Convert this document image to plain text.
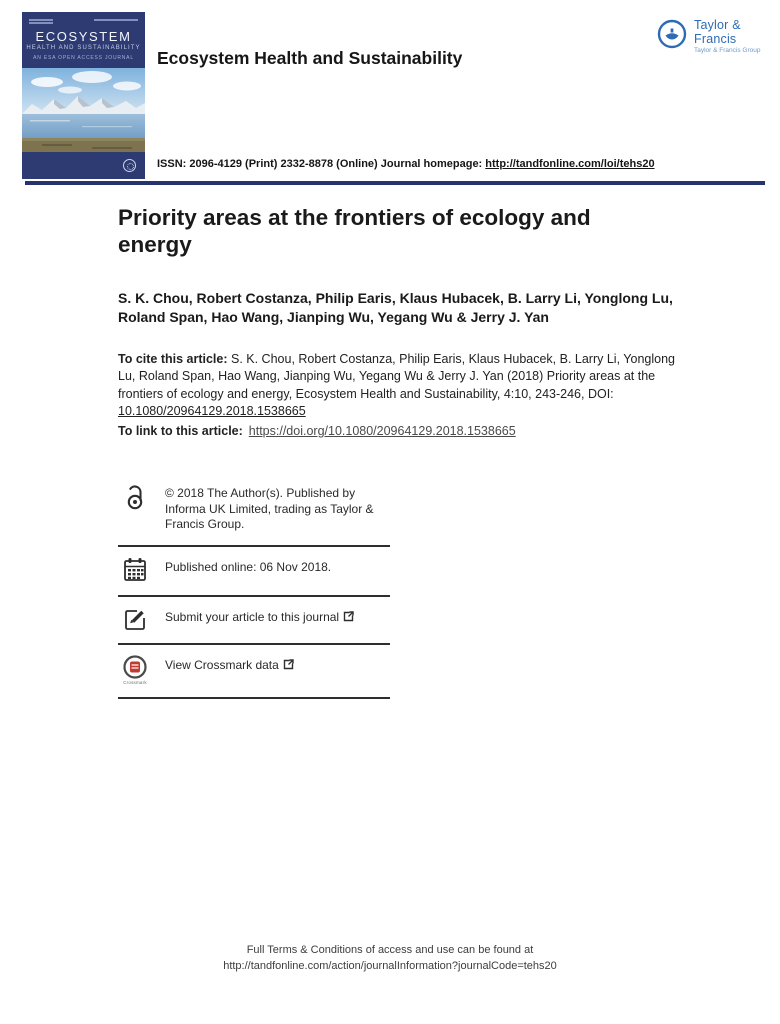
ECOSYSTEM
HEALTH AND SUSTAINABILITY
AN ESA OPEN ACCESS JOURNAL
Taylor & Francis
Taylor & Francis Group
Ecosystem Health and Sustainability
ISSN: 2096-4129 (Print) 2332-8878 (Online) Journal homepage: http://tandfonline.com/loi/tehs20
Priority areas at the frontiers of ecology and energy
S. K. Chou, Robert Costanza, Philip Earis, Klaus Hubacek, B. Larry Li, Yonglong Lu, Roland Span, Hao Wang, Jianping Wu, Yegang Wu & Jerry J. Yan

To cite this article: S. K. Chou, Robert Costanza, Philip Earis, Klaus Hubacek, B. Larry Li, Yonglong Lu, Roland Span, Hao Wang, Jianping Wu, Yegang Wu & Jerry J. Yan (2018) Priority areas at the frontiers of ecology and energy, Ecosystem Health and Sustainability, 4:10, 243-246, DOI: 10.1080/20964129.2018.1538665

To link to this article: https://doi.org/10.1080/20964129.2018.1538665

© 2018 The Author(s). Published by Informa UK Limited, trading as Taylor & Francis Group.
Published online: 06 Nov 2018.
Submit your article to this journal
Crossmark
View Crossmark data
Full Terms & Conditions of access and use can be found at
http://tandfonline.com/action/journalInformation?journalCode=tehs20
